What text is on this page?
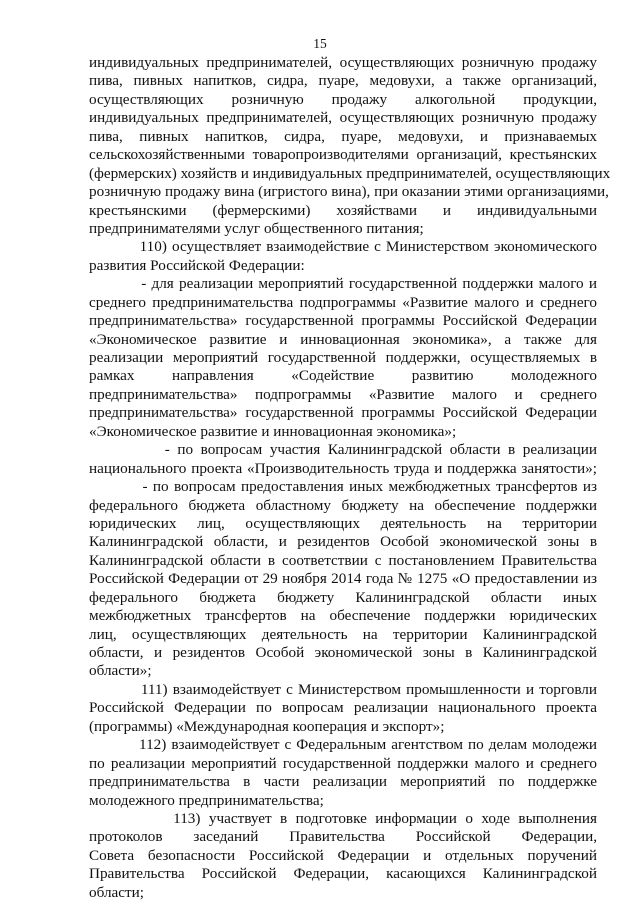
15
индивидуальных предпринимателей, осуществляющих розничную продажу
пива, пивных напитков, сидра, пуаре, медовухи, а также организаций,
осуществляющих розничную продажу алкогольной продукции,
индивидуальных предпринимателей, осуществляющих розничную продажу
пива, пивных напитков, сидра, пуаре, медовухи, и признаваемых
сельскохозяйственными товаропроизводителями организаций, крестьянских
(фермерских) хозяйств и индивидуальных предпринимателей, осуществляющих
розничную продажу вина (игристого вина), при оказании этими организациями,
крестьянскими (фермерскими) хозяйствами и индивидуальными
предпринимателями услуг общественного питания;
110) осуществляет взаимодействие с Министерством экономического
развития Российской Федерации:
- для реализации мероприятий государственной поддержки малого и
среднего предпринимательства подпрограммы «Развитие малого и среднего
предпринимательства» государственной программы Российской Федерации
«Экономическое развитие и инновационная экономика», а также для
реализации мероприятий государственной поддержки, осуществляемых в
рамках направления «Содействие развитию молодежного
предпринимательства» подпрограммы «Развитие малого и среднего
предпринимательства» государственной программы Российской Федерации
«Экономическое развитие и инновационная экономика»;
- по вопросам участия Калининградской области в реализации
национального проекта «Производительность труда и поддержка занятости»;
- по вопросам предоставления иных межбюджетных трансфертов из
федерального бюджета областному бюджету на обеспечение поддержки
юридических лиц, осуществляющих деятельность на территории
Калининградской области, и резидентов Особой экономической зоны в
Калининградской области в соответствии с постановлением Правительства
Российской Федерации от 29 ноября 2014 года № 1275 «О предоставлении из
федерального бюджета бюджету Калининградской области иных
межбюджетных трансфертов на обеспечение поддержки юридических
лиц, осуществляющих деятельность на территории Калининградской
области, и резидентов Особой экономической зоны в Калининградской
области»;
111) взаимодействует с Министерством промышленности и торговли
Российской Федерации по вопросам реализации национального проекта
(программы) «Международная кооперация и экспорт»;
112) взаимодействует с Федеральным агентством по делам молодежи
по реализации мероприятий государственной поддержки малого и среднего
предпринимательства в части реализации мероприятий по поддержке
молодежного предпринимательства;
113) участвует в подготовке информации о ходе выполнения
протоколов заседаний Правительства Российской Федерации,
Совета безопасности Российской Федерации и отдельных поручений
Правительства Российской Федерации, касающихся Калининградской
области;
